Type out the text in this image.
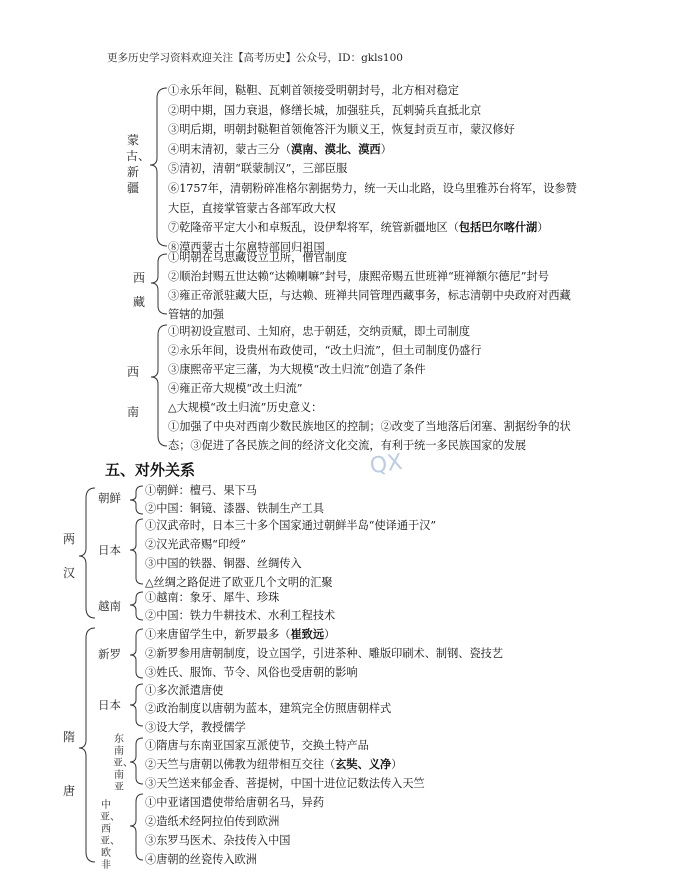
更多历史学习资料欢迎关注【高考历史】公众号，ID：gkls100
QX
蒙古、新疆
①永乐年间，鞑靼、瓦剌首领接受明朝封号，北方相对稳定
②明中期，国力衰退，修缮长城，加强驻兵，瓦剌骑兵直抵北京
③明后期，明朝封鞑靼首领俺答汗为顺义王，恢复封贡互市，蒙汉修好
④明末清初，蒙古三分（漠南、漠北、漠西）
⑤清初，清朝“联蒙制汉”，三部臣服
⑥1757年，清朝粉碎准格尔割据势力，统一天山北路，设乌里雅苏台将军，设参赞
大臣，直接掌管蒙古各部军政大权
⑦乾隆帝平定大小和卓叛乱，设伊犁将军，统管新疆地区（包括巴尔喀什湖）
⑧漠西蒙古土尔扈特部回归祖国
西藏
①明朝在乌思藏设立卫所，僧官制度
②顺治封赐五世达赖“达赖喇嘛”封号，康熙帝赐五世班禅“班禅额尔德尼”封号
③雍正帝派驻藏大臣，与达赖、班禅共同管理西藏事务，标志清朝中央政府对西藏
管辖的加强
西南
①明初设宣慰司、土知府，忠于朝廷，交纳贡赋，即土司制度
②永乐年间，设贵州布政使司，“改土归流”，但土司制度仍盛行
③康熙帝平定三藩，为大规模“改土归流”创造了条件
④雍正帝大规模“改土归流”
△大规模“改土归流”历史意义：
①加强了中央对西南少数民族地区的控制；②改变了当地落后闭塞、割据纷争的状
态；③促进了各民族之间的经济文化交流，有利于统一多民族国家的发展
五、对外关系
两汉
朝鲜
①朝鲜：檀弓、果下马
②中国：铜镜、漆器、铁制生产工具
日本
①汉武帝时，日本三十多个国家通过朝鲜半岛“使译通于汉”
②汉光武帝赐“印绶”
③中国的铁器、铜器、丝绸传入
△丝绸之路促进了欧亚几个文明的汇聚
越南
①越南：象牙、犀牛、珍珠
②中国：铁力牛耕技术、水利工程技术
隋唐
新罗
①来唐留学生中，新罗最多（崔致远）
②新罗参用唐朝制度，设立国学，引进茶种、雕版印刷术、制钢、瓷技艺
③姓氏、服饰、节令、风俗也受唐朝的影响
日本
①多次派遣唐使
②政治制度以唐朝为蓝本，建筑完全仿照唐朝样式
③设大学，教授儒学
东南亚、南亚
①隋唐与东南亚国家互派使节，交换土特产品
②天竺与唐朝以佛教为纽带相互交往（玄奘、义净）
③天竺送来郁金香、菩提树，中国十进位记数法传入天竺
中亚、西亚、欧非
①中亚诸国遣使带给唐朝名马，异药
②造纸术经阿拉伯传到欧洲
③东罗马医术、杂技传入中国
④唐朝的丝瓷传入欧洲
